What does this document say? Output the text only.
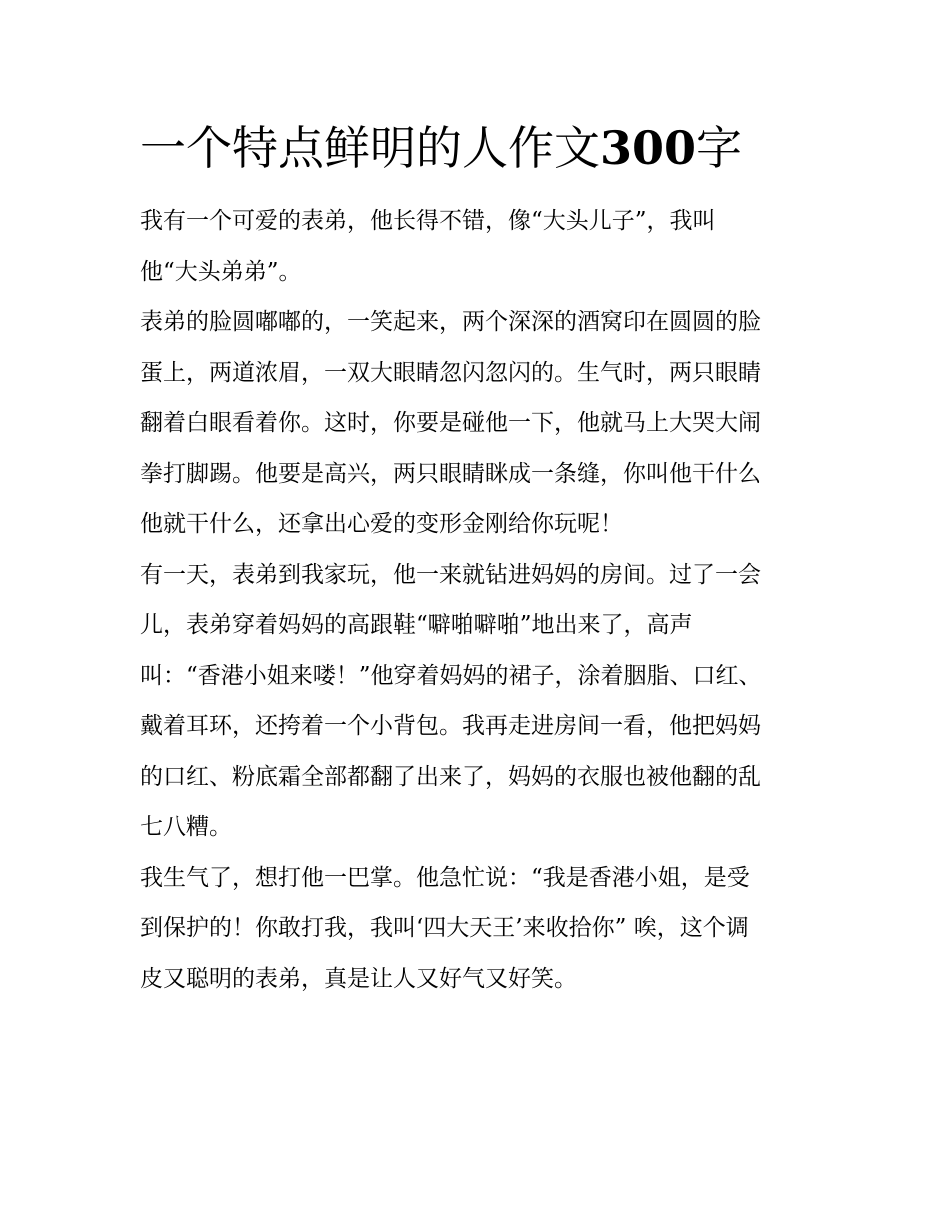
一个特点鲜明的人作文300字
我有一个可爱的表弟，他长得不错，像“大头儿子”，我叫
他“大头弟弟”。
表弟的脸圆嘟嘟的，一笑起来，两个深深的酒窝印在圆圆的脸
蛋上，两道浓眉，一双大眼睛忽闪忽闪的。生气时，两只眼睛
翻着白眼看着你。这时，你要是碰他一下，他就马上大哭大闹
拳打脚踢。他要是高兴，两只眼睛眯成一条缝，你叫他干什么
他就干什么，还拿出心爱的变形金刚给你玩呢！
有一天，表弟到我家玩，他一来就钻进妈妈的房间。过了一会
儿，表弟穿着妈妈的高跟鞋“噼啪噼啪”地出来了，高声
叫：“香港小姐来喽！”他穿着妈妈的裙子，涂着胭脂、口红、
戴着耳环，还挎着一个小背包。我再走进房间一看，他把妈妈
的口红、粉底霜全部都翻了出来了，妈妈的衣服也被他翻的乱
七八糟。
我生气了，想打他一巴掌。他急忙说：“我是香港小姐，是受
到保护的！你敢打我，我叫‘四大天王’来收拾你” 唉，这个调
皮又聪明的表弟，真是让人又好气又好笑。
